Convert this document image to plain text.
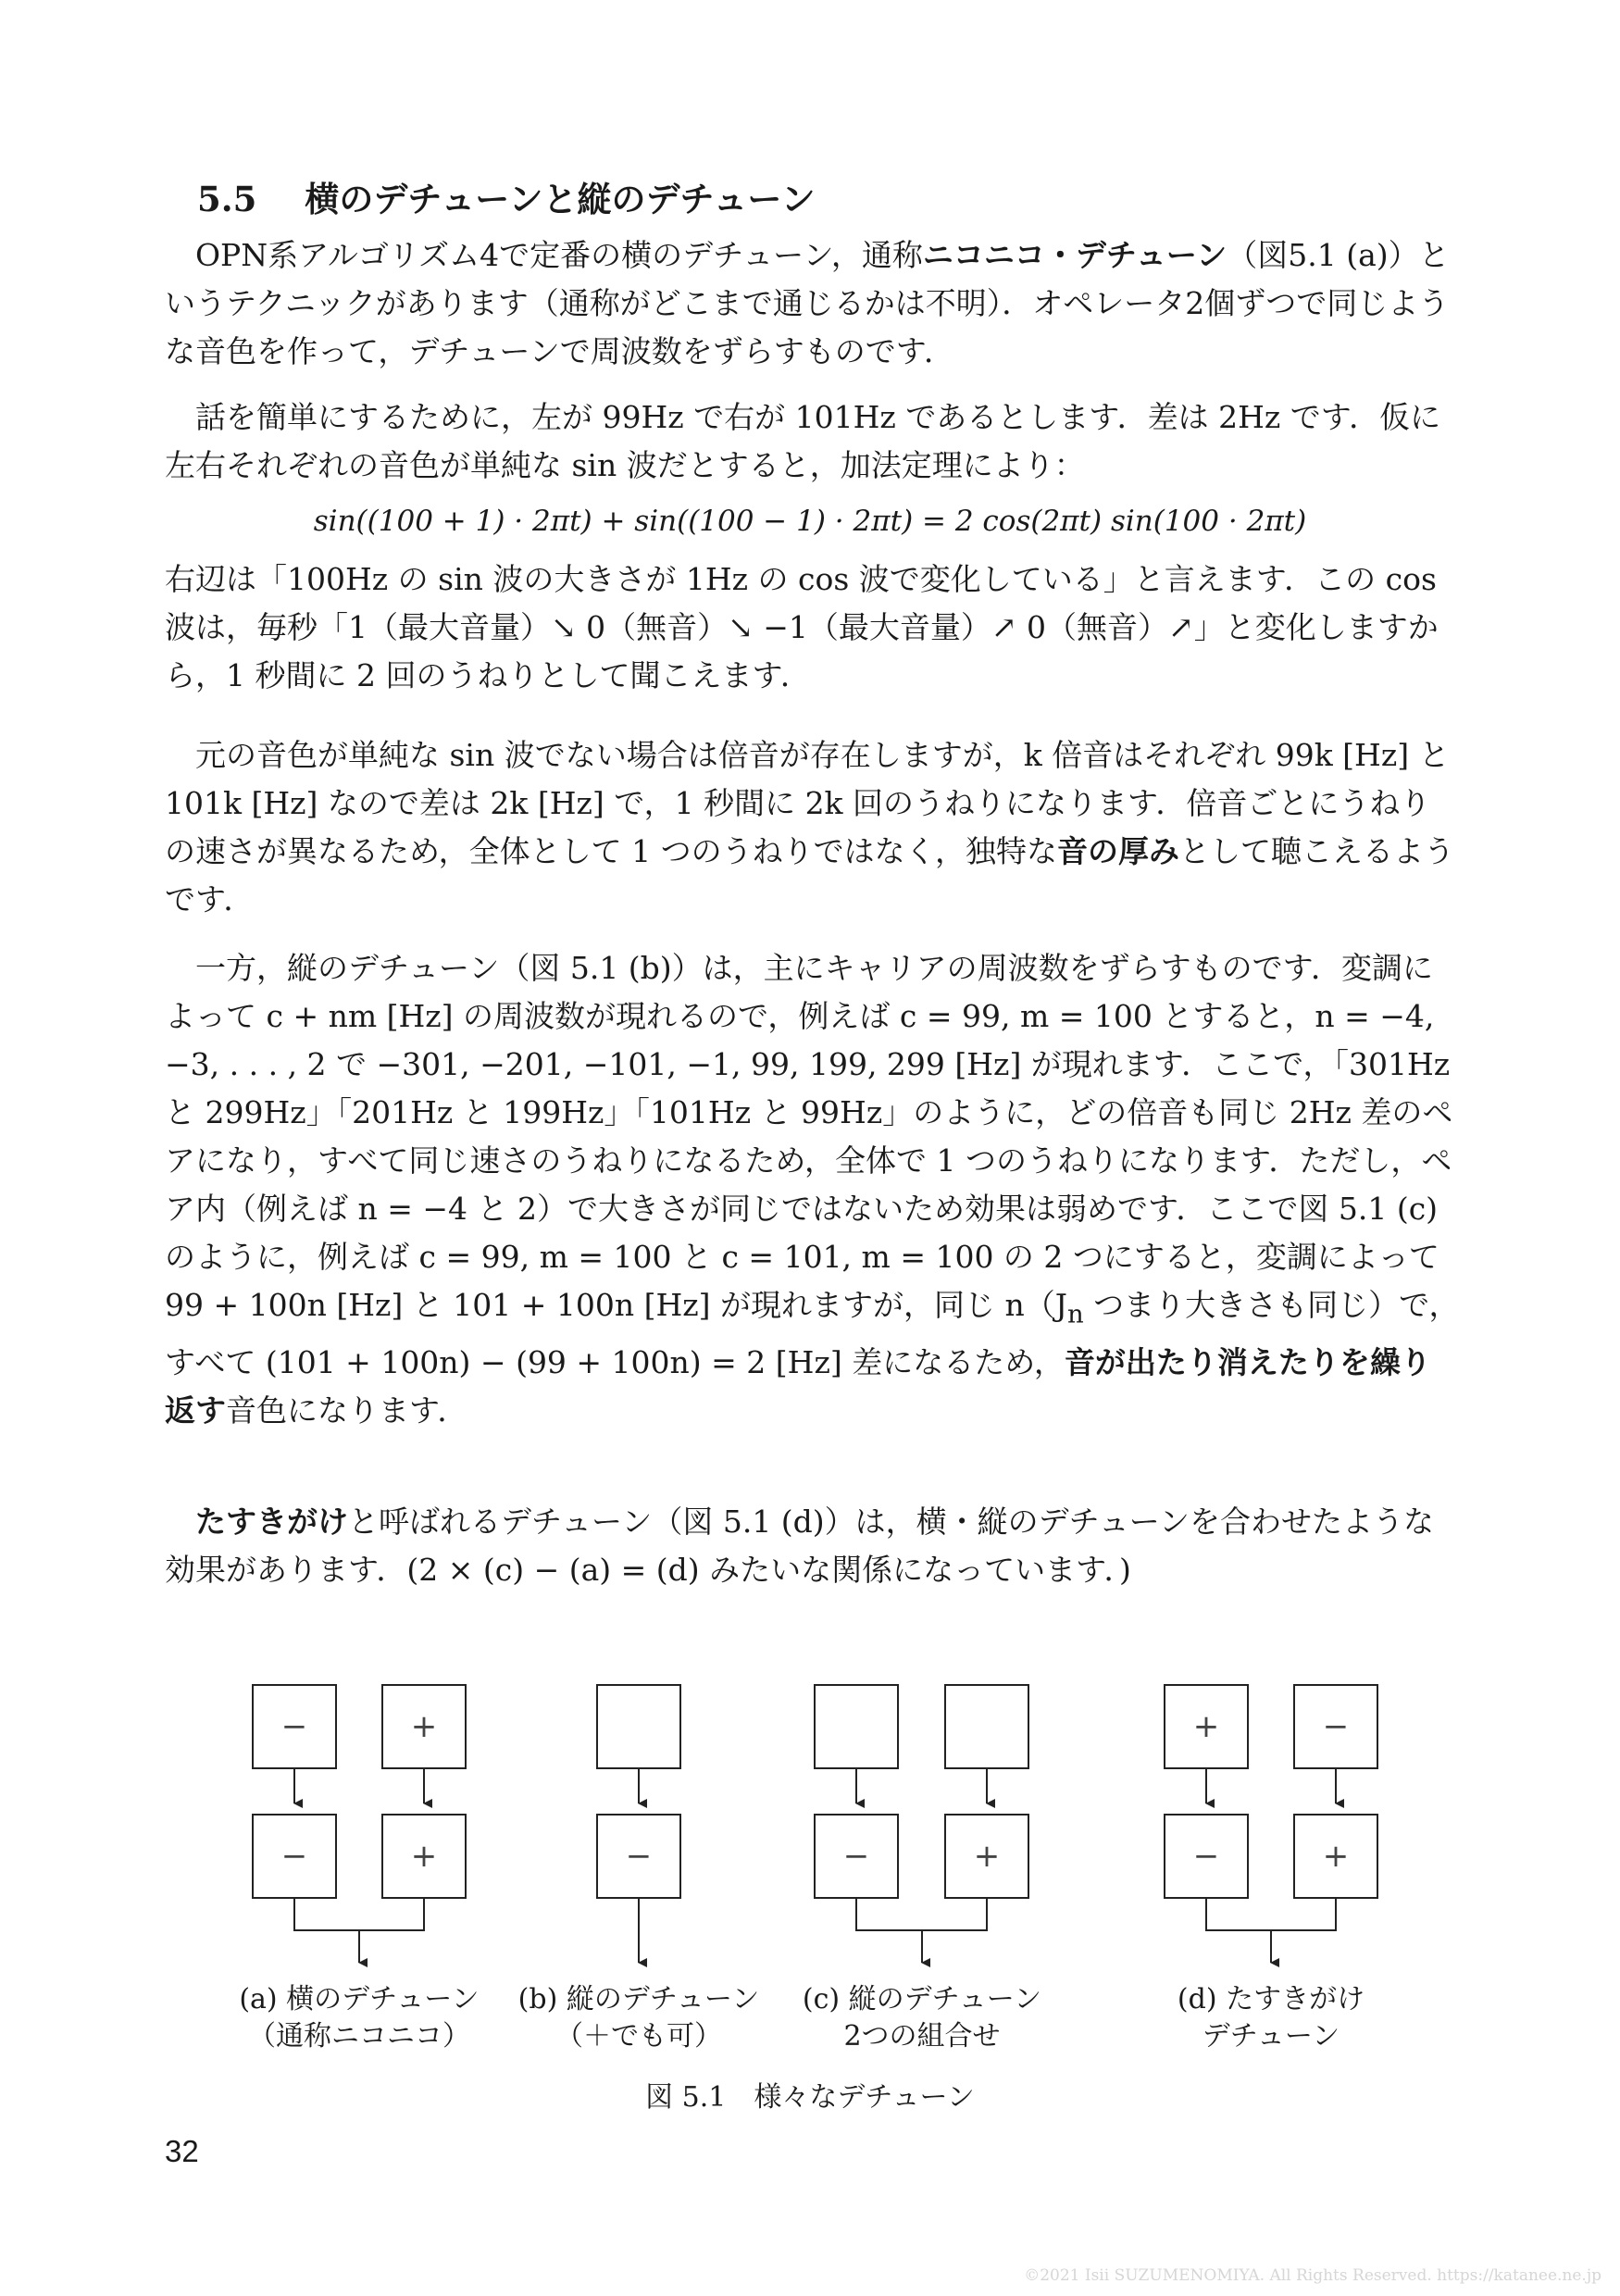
5.5 横のデチューンと縦のデチューン

OPN系アルゴリズム4で定番の横のデチューン，通称ニコニコ・デチューン（図5.1 (a)）というテクニックがあります（通称がどこまで通じるかは不明）．オペレータ2個ずつで同じような音色を作って，デチューンで周波数をずらすものです．

話を簡単にするために，左が 99Hz で右が 101Hz であるとします．差は 2Hz です．仮に左右それぞれの音色が単純な sin 波だとすると，加法定理により：

sin((100 + 1) · 2πt) + sin((100 − 1) · 2πt) = 2 cos(2πt) sin(100 · 2πt)

右辺は「100Hz の sin 波の大きさが 1Hz の cos 波で変化している」と言えます．この cos 波は，毎秒「1（最大音量）↘ 0（無音）↘ −1（最大音量）↗ 0（無音）↗」と変化しますから，1 秒間に 2 回のうねりとして聞こえます．

元の音色が単純な sin 波でない場合は倍音が存在しますが，k 倍音はそれぞれ 99k [Hz] と 101k [Hz] なので差は 2k [Hz] で，1 秒間に 2k 回のうねりになります．倍音ごとにうねりの速さが異なるため，全体として 1 つのうねりではなく，独特な音の厚みとして聴こえるようです．

一方，縦のデチューン（図 5.1 (b)）は，主にキャリアの周波数をずらすものです．変調によって c + nm [Hz] の周波数が現れるので，例えば c = 99, m = 100 とすると，n = −4, −3, . . . , 2 で −301, −201, −101, −1, 99, 199, 299 [Hz] が現れます．ここで，「301Hz と 299Hz」「201Hz と 199Hz」「101Hz と 99Hz」のように，どの倍音も同じ 2Hz 差のペアになり，すべて同じ速さのうねりになるため，全体で 1 つのうねりになります．ただし，ペア内（例えば n = −4 と 2）で大きさが同じではないため効果は弱めです．ここで図 5.1 (c) のように，例えば c = 99, m = 100 と c = 101, m = 100 の 2 つにすると，変調によって 99 + 100n [Hz] と 101 + 100n [Hz] が現れますが，同じ $n(J_n$ つまり大きさも同じ）で，すべて (101 + 100n) − (99 + 100n) = 2 [Hz] 差になるため，音が出たり消えたりを繰り返す音色になります．

たすきがけと呼ばれるデチューン（図 5.1 (d)）は，横・縦のデチューンを合わせたような効果があります．(2 × (c) − (a) = (d) みたいな関係になっています．)

−	+
−	+	−	−	+
+	−
−	+
(a) 横のデチューン
（通称ニコニコ）
(b) 縦のデチューン
（＋でも可）
(c) 縦のデチューン
2つの組合せ
(d) たすきがけ
デチューン
図 5.1　様々なデチューン
32
©2021 Isii SUZUMENOMIYA. All Rights Reserved. https://katanee.ne.jp
